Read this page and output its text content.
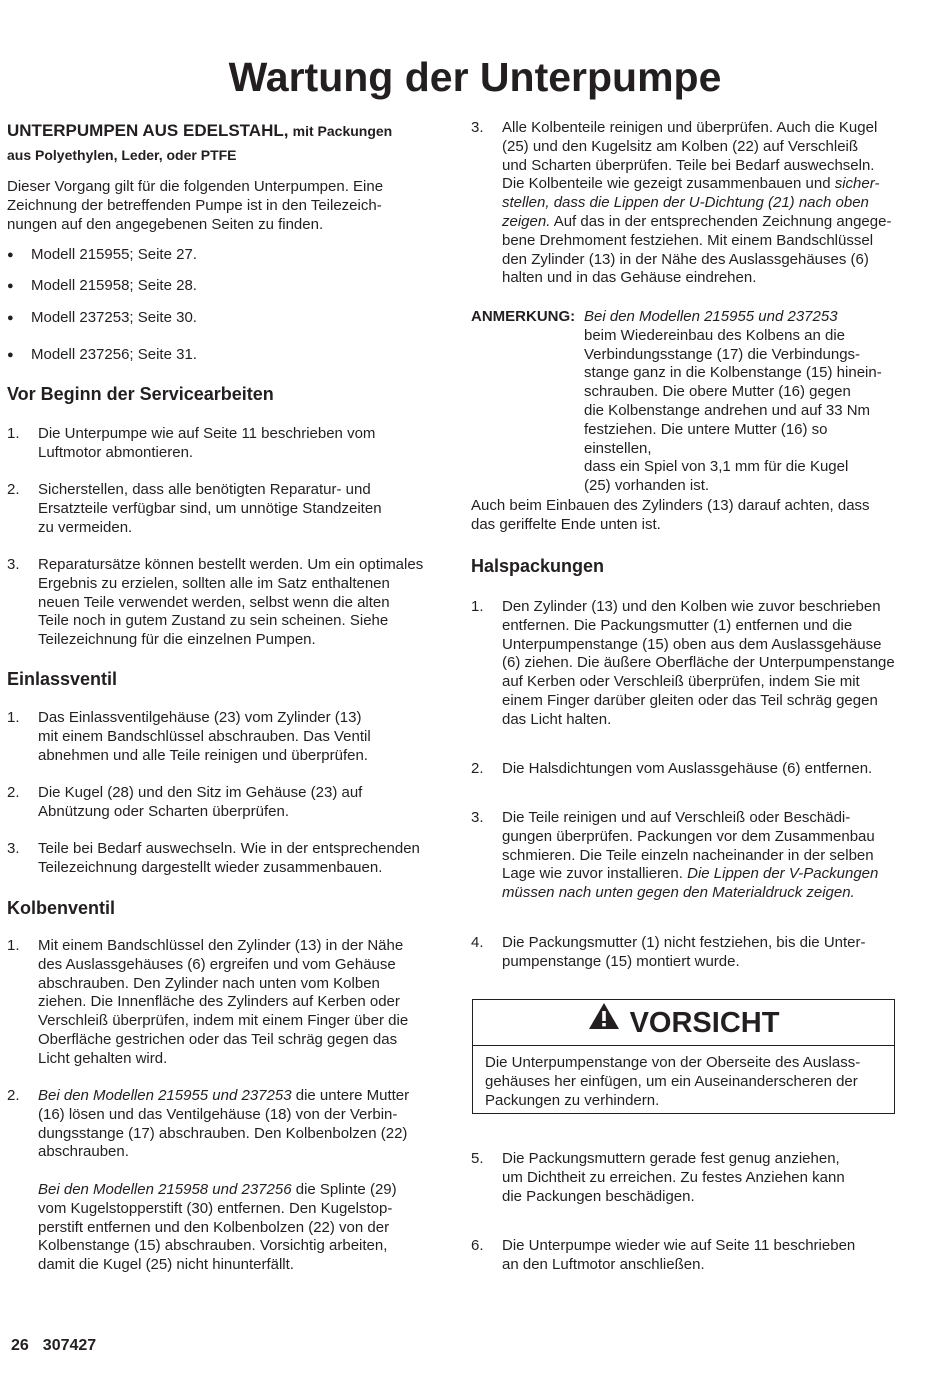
Wartung der Unterpumpe
UNTERPUMPEN AUS EDELSTAHL, mit Packungen
aus Polyethylen, Leder, oder PTFE
Dieser Vorgang gilt für die folgenden Unterpumpen. Eine
Zeichnung der betreffenden Pumpe ist in den Teilezeich-
nungen auf den angegebenen Seiten zu finden.
● Modell 215955; Seite 27.
● Modell 215958; Seite 28.
● Modell 237253; Seite 30.
● Modell 237256; Seite 31.
Vor Beginn der Servicearbeiten
1. Die Unterpumpe wie auf Seite 11 beschrieben vom
Luftmotor abmontieren.
2. Sicherstellen, dass alle benötigten Reparatur- und
Ersatzteile verfügbar sind, um unnötige Standzeiten
zu vermeiden.
3. Reparatursätze können bestellt werden. Um ein optimales
Ergebnis zu erzielen, sollten alle im Satz enthaltenen
neuen Teile verwendet werden, selbst wenn die alten
Teile noch in gutem Zustand zu sein scheinen. Siehe
Teilezeichnung für die einzelnen Pumpen.
Einlassventil
1. Das Einlassventilgehäuse (23) vom Zylinder (13)
mit einem Bandschlüssel abschrauben. Das Ventil
abnehmen und alle Teile reinigen und überprüfen.
2. Die Kugel (28) und den Sitz im Gehäuse (23) auf
Abnützung oder Scharten überprüfen.
3. Teile bei Bedarf auswechseln. Wie in der entsprechenden
Teilezeichnung dargestellt wieder zusammenbauen.
Kolbenventil
1. Mit einem Bandschlüssel den Zylinder (13) in der Nähe
des Auslassgehäuses (6) ergreifen und vom Gehäuse
abschrauben. Den Zylinder nach unten vom Kolben
ziehen. Die Innenfläche des Zylinders auf Kerben oder
Verschleiß überprüfen, indem mit einem Finger über die
Oberfläche gestrichen oder das Teil schräg gegen das
Licht gehalten wird.
2. Bei den Modellen 215955 und 237253 die untere Mutter
(16) lösen und das Ventilgehäuse (18) von der Verbin-
dungsstange (17) abschrauben. Den Kolbenbolzen (22)
abschrauben.
Bei den Modellen 215958 und 237256 die Splinte (29)
vom Kugelstopperstift (30) entfernen. Den Kugelstop-
perstift entfernen und den Kolbenbolzen (22) von der
Kolbenstange (15) abschrauben. Vorsichtig arbeiten,
damit die Kugel (25) nicht hinunterfällt.
3. Alle Kolbenteile reinigen und überprüfen. Auch die Kugel
(25) und den Kugelsitz am Kolben (22) auf Verschleiß
und Scharten überprüfen. Teile bei Bedarf auswechseln.
Die Kolbenteile wie gezeigt zusammenbauen und sicher-
stellen, dass die Lippen der U-Dichtung (21) nach oben
zeigen. Auf das in der entsprechenden Zeichnung angege-
bene Drehmoment festziehen. Mit einem Bandschlüssel
den Zylinder (13) in der Nähe des Auslassgehäuses (6)
halten und in das Gehäuse eindrehen.
ANMERKUNG: Bei den Modellen 215955 und 237253
beim Wiedereinbau des Kolbens an die
Verbindungsstange (17) die Verbindungs-
stange ganz in die Kolbenstange (15) hinein-
schrauben. Die obere Mutter (16) gegen
die Kolbenstange andrehen und auf 33 Nm
festziehen. Die untere Mutter (16) so einstellen,
dass ein Spiel von 3,1 mm für die Kugel
(25) vorhanden ist.
Auch beim Einbauen des Zylinders (13) darauf achten, dass
das geriffelte Ende unten ist.
Halspackungen
1. Den Zylinder (13) und den Kolben wie zuvor beschrieben
entfernen. Die Packungsmutter (1) entfernen und die
Unterpumpenstange (15) oben aus dem Auslassgehäuse
(6) ziehen. Die äußere Oberfläche der Unterpumpenstange
auf Kerben oder Verschleiß überprüfen, indem Sie mit
einem Finger darüber gleiten oder das Teil schräg gegen
das Licht halten.
2. Die Halsdichtungen vom Auslassgehäuse (6) entfernen.
3. Die Teile reinigen und auf Verschleiß oder Beschädi-
gungen überprüfen. Packungen vor dem Zusammenbau
schmieren. Die Teile einzeln nacheinander in der selben
Lage wie zuvor installieren. Die Lippen der V-Packungen
müssen nach unten gegen den Materialdruck zeigen.
4. Die Packungsmutter (1) nicht festziehen, bis die Unter-
pumpenstange (15) montiert wurde.
5. Die Packungsmuttern gerade fest genug anziehen,
um Dichtheit zu erreichen. Zu festes Anziehen kann
die Packungen beschädigen.
6. Die Unterpumpe wieder wie auf Seite 11 beschrieben
an den Luftmotor anschließen.
VORSICHT
Die Unterpumpenstange von der Oberseite des Auslass-
gehäuses her einfügen, um ein Auseinanderscheren der
Packungen zu verhindern.
26 307427
